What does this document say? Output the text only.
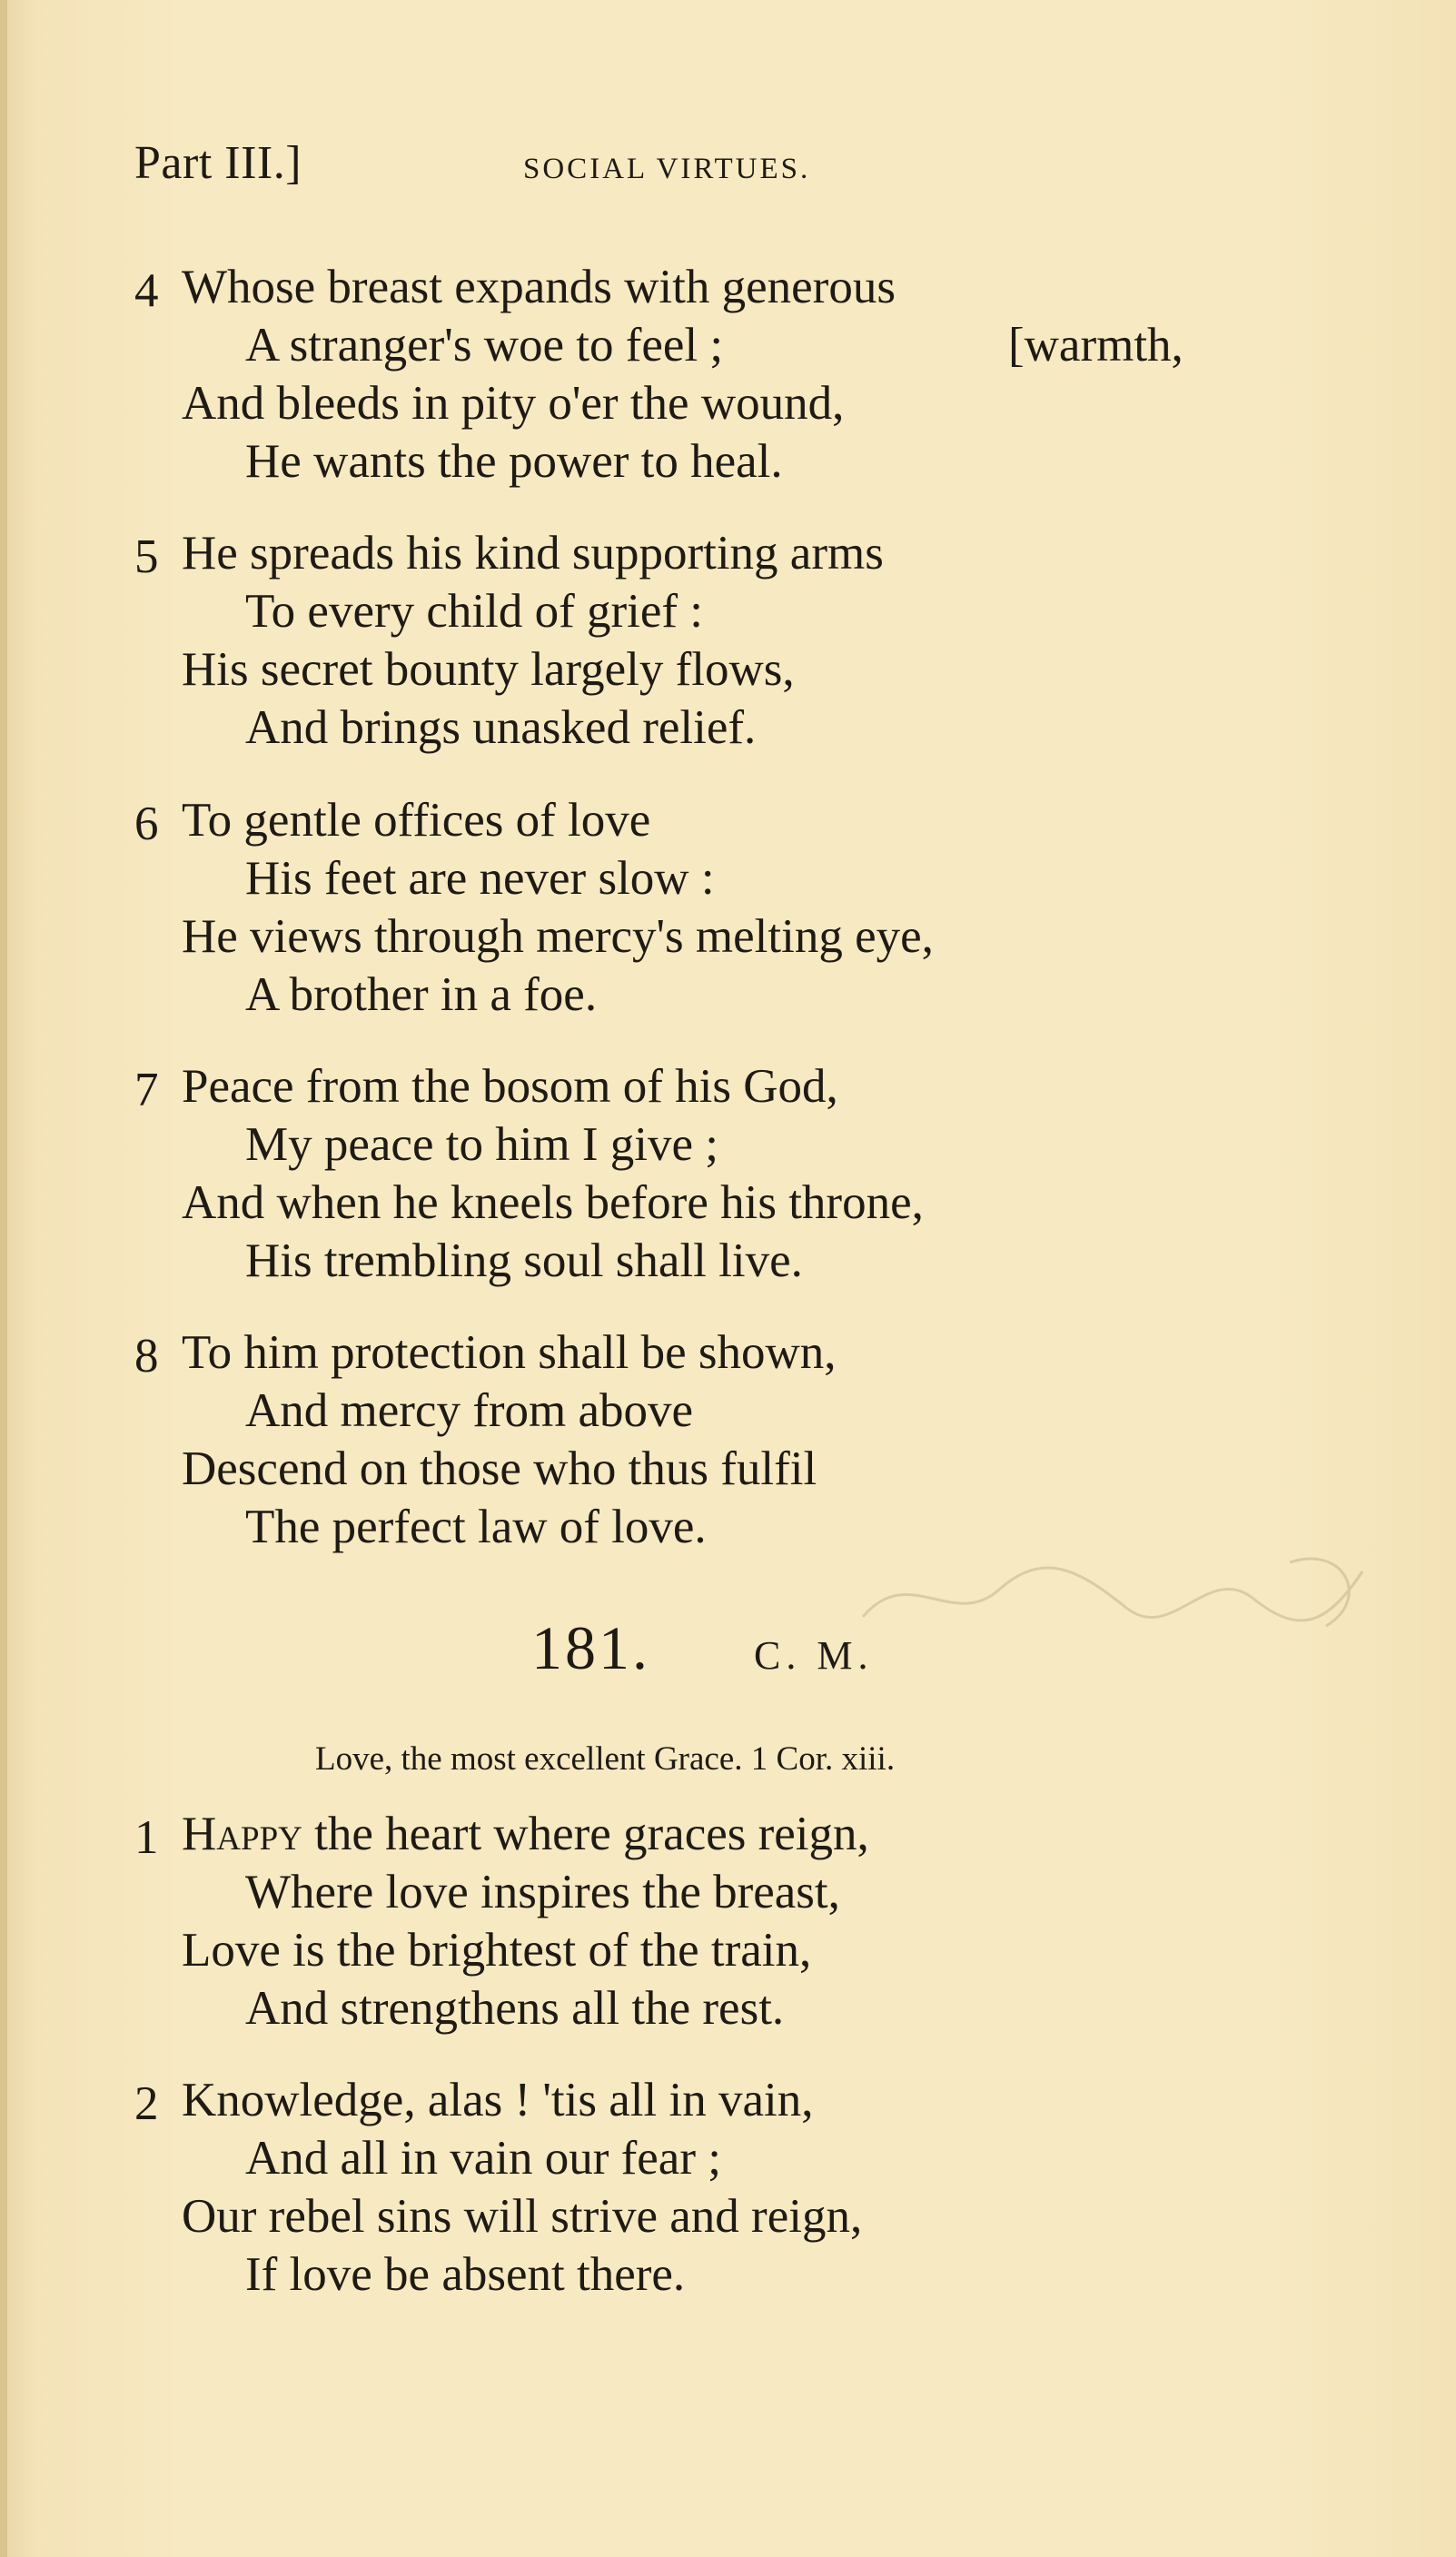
Part III.]	SOCIAL VIRTUES.
4 Whose breast expands with generous
A stranger's woe to feel ;	[warmth,
And bleeds in pity o'er the wound,
He wants the power to heal.
5 He spreads his kind supporting arms
To every child of grief :
His secret bounty largely flows,
And brings unasked relief.
6 To gentle offices of love
His feet are never slow :
He views through mercy's melting eye,
A brother in a foe.
7 Peace from the bosom of his God,
My peace to him I give ;
And when he kneels before his throne,
His trembling soul shall live.
8 To him protection shall be shown,
And mercy from above
Descend on those who thus fulfil
The perfect law of love.
181.	C. M.
Love, the most excellent Grace. 1 Cor. xiii.
1 Happy the heart where graces reign,
Where love inspires the breast,
Love is the brightest of the train,
And strengthens all the rest.
2 Knowledge, alas ! 'tis all in vain,
And all in vain our fear ;
Our rebel sins will strive and reign,
If love be absent there.
